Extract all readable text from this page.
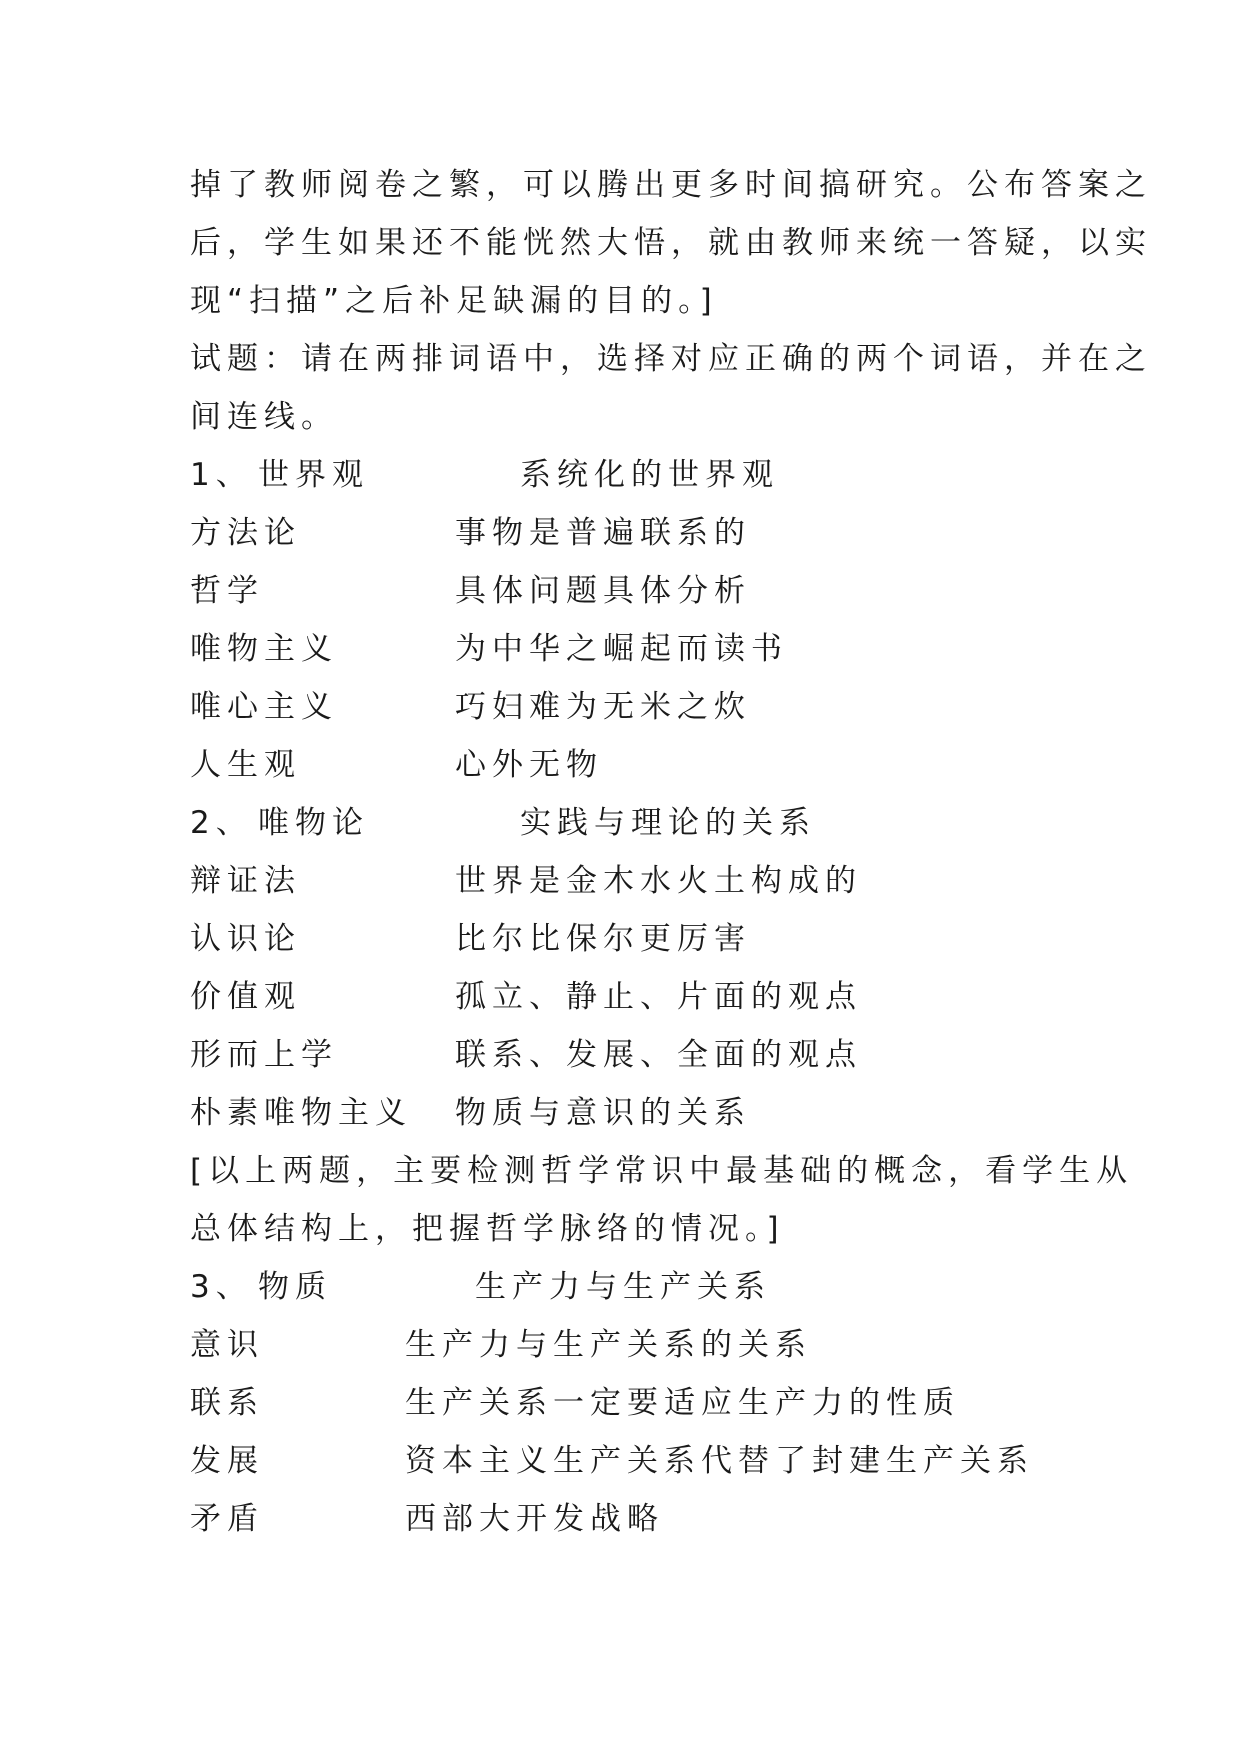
掉了教师阅卷之繁，可以腾出更多时间搞研究。公布答案之
后，学生如果还不能恍然大悟，就由教师来统一答疑，以实
现“扫描”之后补足缺漏的目的。]
试题：请在两排词语中，选择对应正确的两个词语，并在之
间连线。
1、 世界观	系统化的世界观
方法论	事物是普遍联系的
哲学	具体问题具体分析
唯物主义	为中华之崛起而读书
唯心主义	巧妇难为无米之炊
人生观	心外无物
2、 唯物论	实践与理论的关系
辩证法	世界是金木水火土构成的
认识论	比尔比保尔更厉害
价值观	孤立、静止、片面的观点
形而上学	联系、发展、全面的观点
朴素唯物主义 物质与意识的关系
[以上两题，主要检测哲学常识中最基础的概念，看学生从
总体结构上，把握哲学脉络的情况。]
3、 物质	生产力与生产关系
意识	生产力与生产关系的关系
联系	生产关系一定要适应生产力的性质
发展	资本主义生产关系代替了封建生产关系
矛盾	西部大开发战略
